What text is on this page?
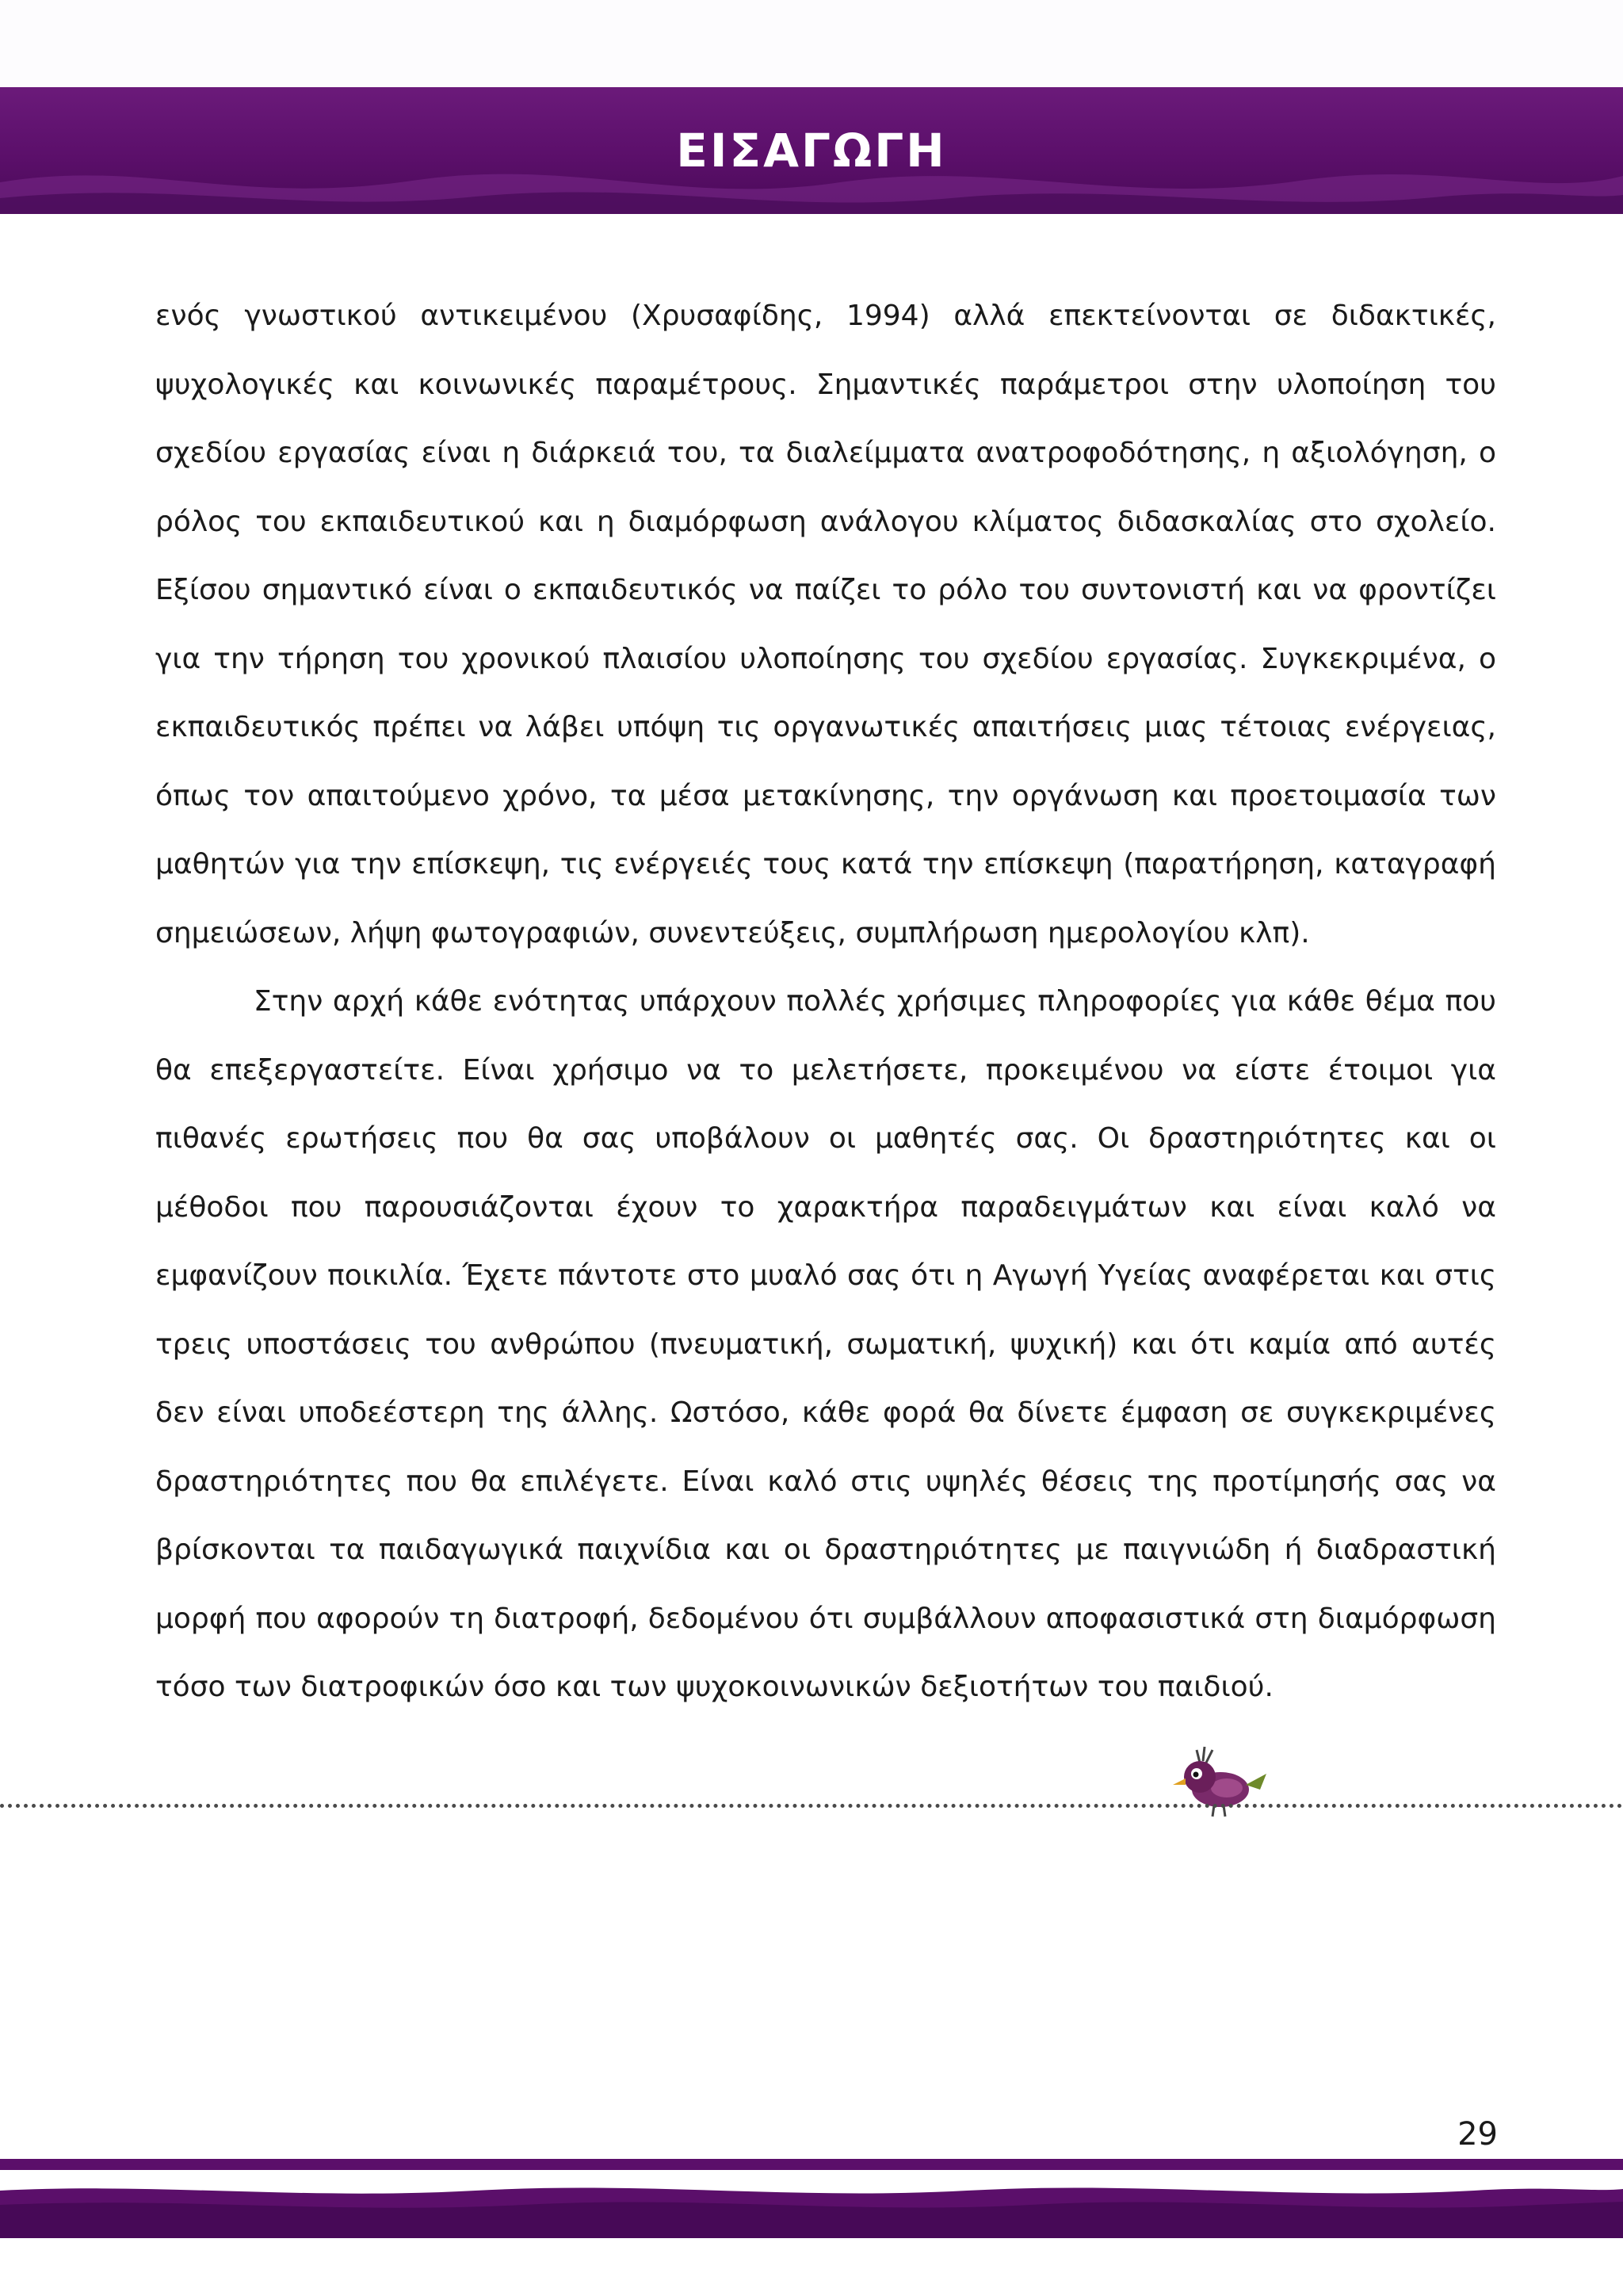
ΕΙΣΑΓΩΓΗ

ενός γνωστικού αντικειμένου (Χρυσαφίδης, 1994) αλλά επεκτείνονται σε διδακτικές, ψυχολογικές και κοινωνικές παραμέτρους. Σημαντικές παράμετροι στην υλοποίηση του σχεδίου εργασίας είναι η διάρκειά του, τα διαλείμματα ανατροφοδότησης, η αξιολόγηση, ο ρόλος του εκπαιδευτικού και η διαμόρφωση ανάλογου κλίματος διδασκαλίας στο σχολείο. Εξίσου σημαντικό είναι ο εκπαιδευτικός να παίζει το ρόλο του συντονιστή και να φροντίζει για την τήρηση του χρονικού πλαισίου υλοποίησης του σχεδίου εργασίας. Συγκεκριμένα, ο εκπαιδευτικός πρέπει να λάβει υπόψη τις οργανωτικές απαιτήσεις μιας τέτοιας ενέργειας, όπως τον απαιτούμενο χρόνο, τα μέσα μετακίνησης, την οργάνωση και προετοιμασία των μαθητών για την επίσκεψη, τις ενέργειές τους κατά την επίσκεψη (παρατήρηση, καταγραφή σημειώσεων, λήψη φωτογραφιών, συνεντεύξεις, συμπλήρωση ημερολογίου κλπ).

Στην αρχή κάθε ενότητας υπάρχουν πολλές χρήσιμες πληροφορίες για κάθε θέμα που θα επεξεργαστείτε. Είναι χρήσιμο να το μελετήσετε, προκειμένου να είστε έτοιμοι για πιθανές ερωτήσεις που θα σας υποβάλουν οι μαθητές σας. Οι δραστηριότητες και οι μέθοδοι που παρουσιάζονται έχουν το χαρακτήρα παραδειγμάτων και είναι καλό να εμφανίζουν ποικιλία. Έχετε πάντοτε στο μυαλό σας ότι η Αγωγή Υγείας αναφέρεται και στις τρεις υποστάσεις του ανθρώπου (πνευματική, σωματική, ψυχική) και ότι καμία από αυτές δεν είναι υποδεέστερη της άλλης. Ωστόσο, κάθε φορά θα δίνετε έμφαση σε συγκεκριμένες δραστηριότητες που θα επιλέγετε. Είναι καλό στις υψηλές θέσεις της προτίμησής σας να βρίσκονται τα παιδαγωγικά παιχνίδια και οι δραστηριότητες με παιγνιώδη ή διαδραστική μορφή που αφορούν τη διατροφή, δεδομένου ότι συμβάλλουν αποφασιστικά στη διαμόρφωση τόσο των διατροφικών όσο και των ψυχοκοινωνικών δεξιοτήτων του παιδιού.

29
